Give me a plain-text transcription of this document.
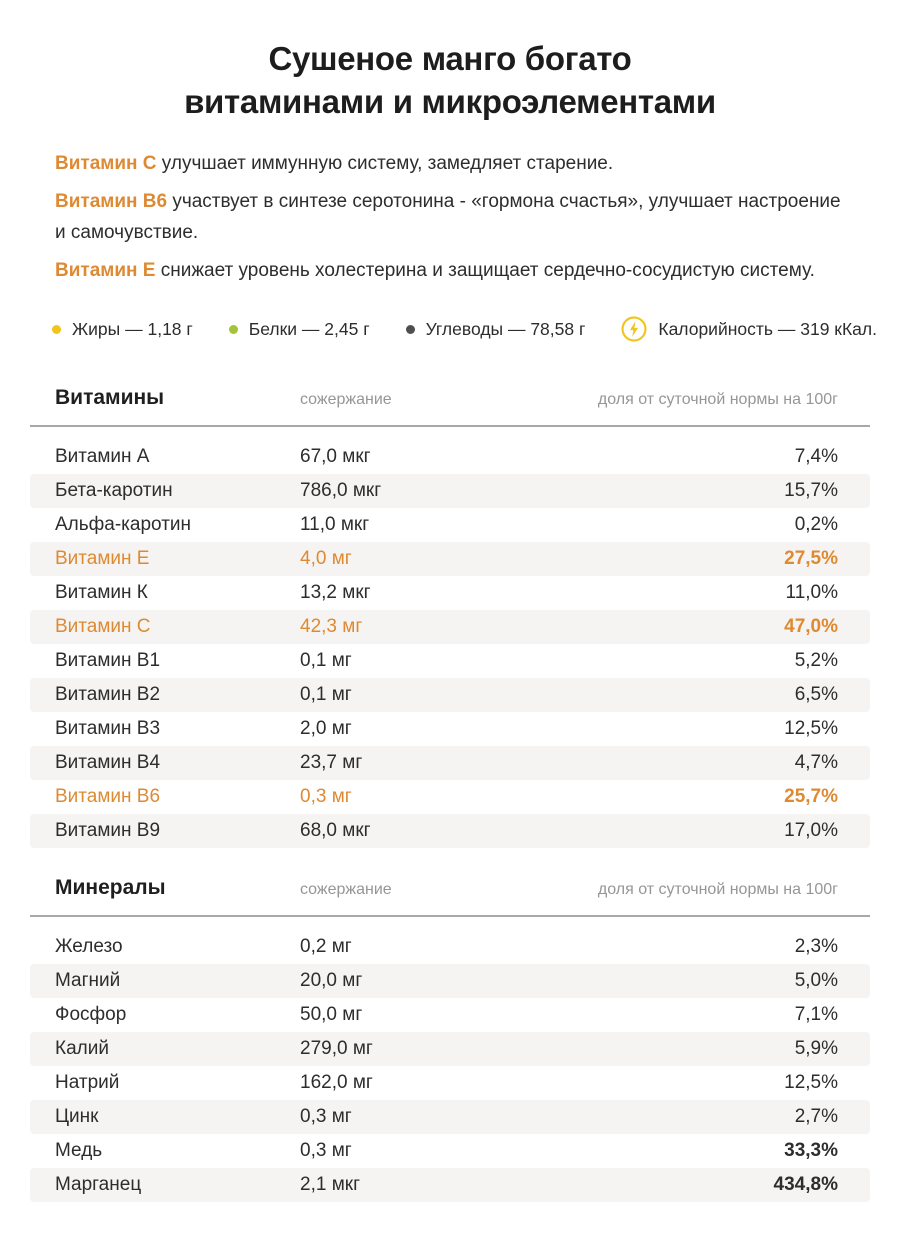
Сушеное манго богато
витаминами и микроэлементами

Витамин С улучшает иммунную систему, замедляет старение.

Витамин В6 участвует в синтезе серотонина - «гормона счастья», улучшает настроение и самочувствие.

Витамин Е снижает уровень холестерина и защищает сердечно-сосудистую систему.

Жиры — 1,18 г	Белки — 2,45 г	Углеводы — 78,58 г	Калорийность — 319 кКал.
Витамины	сожержание	доля от суточной нормы на 100г
Витамин А	67,0 мкг	7,4%
Бета-каротин	786,0 мкг	15,7%
Альфа-каротин	11,0 мкг	0,2%
Витамин Е	4,0 мг	27,5%
Витамин К	13,2 мкг	11,0%
Витамин С	42,3 мг	47,0%
Витамин В1	0,1 мг	5,2%
Витамин В2	0,1 мг	6,5%
Витамин В3	2,0 мг	12,5%
Витамин В4	23,7 мг	4,7%
Витамин В6	0,3 мг	25,7%
Витамин В9	68,0 мкг	17,0%
Минералы	сожержание	доля от суточной нормы на 100г
Железо	0,2 мг	2,3%
Магний	20,0 мг	5,0%
Фосфор	50,0 мг	7,1%
Калий	279,0 мг	5,9%
Натрий	162,0 мг	12,5%
Цинк	0,3 мг	2,7%
Медь	0,3 мг	33,3%
Марганец	2,1 мкг	434,8%
